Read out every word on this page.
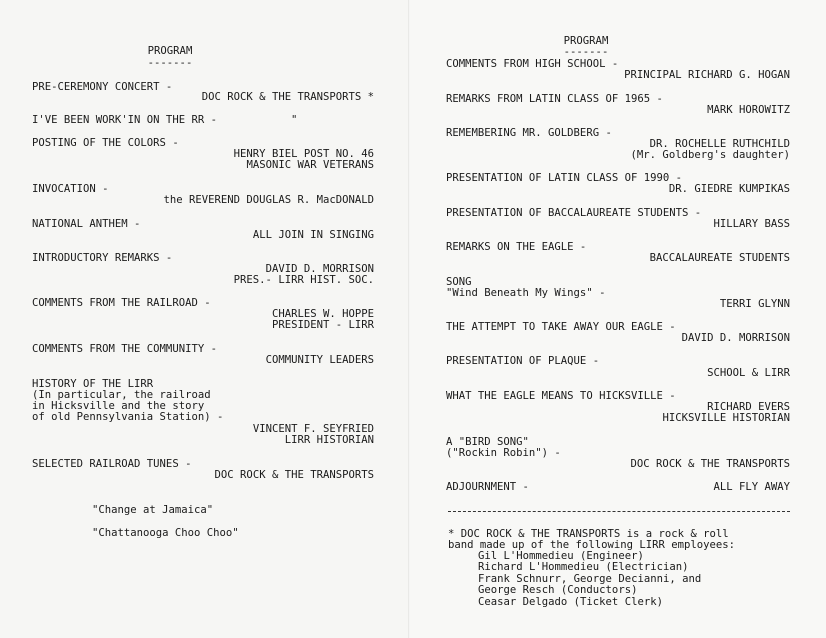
PROGRAM
-------
PRE-CEREMONY CONCERT -
DOC ROCK & THE TRANSPORTS *
I'VE BEEN WORK'IN ON THE RR -	"
POSTING OF THE COLORS -
HENRY BIEL POST NO. 46
MASONIC WAR VETERANS
INVOCATION -
the REVEREND DOUGLAS R. MacDONALD
NATIONAL ANTHEM -
ALL JOIN IN SINGING
INTRODUCTORY REMARKS -
DAVID D. MORRISON
PRES.- LIRR HIST. SOC.
COMMENTS FROM THE RAILROAD -
CHARLES W. HOPPE
PRESIDENT - LIRR
COMMENTS FROM THE COMMUNITY -
COMMUNITY LEADERS
HISTORY OF THE LIRR
(In particular, the railroad
in Hicksville and the story
of old Pennsylvania Station) -
VINCENT F. SEYFRIED
LIRR HISTORIAN
SELECTED RAILROAD TUNES -
DOC ROCK & THE TRANSPORTS
"Change at Jamaica"
"Chattanooga Choo Choo"
PROGRAM
-------
COMMENTS FROM HIGH SCHOOL -
PRINCIPAL RICHARD G. HOGAN
REMARKS FROM LATIN CLASS OF 1965 -
MARK HOROWITZ
REMEMBERING MR. GOLDBERG -
DR. ROCHELLE RUTHCHILD
(Mr. Goldberg's daughter)
PRESENTATION OF LATIN CLASS OF 1990 -
DR. GIEDRE KUMPIKAS
PRESENTATION OF BACCALAUREATE STUDENTS -
HILLARY BASS
REMARKS ON THE EAGLE -
BACCALAUREATE STUDENTS
SONG
"Wind Beneath My Wings" -
TERRI GLYNN
THE ATTEMPT TO TAKE AWAY OUR EAGLE -
DAVID D. MORRISON
PRESENTATION OF PLAQUE -
SCHOOL & LIRR
WHAT THE EAGLE MEANS TO HICKSVILLE -
RICHARD EVERS
HICKSVILLE HISTORIAN
A "BIRD SONG"
("Rockin Robin") -
DOC ROCK & THE TRANSPORTS
ADJOURNMENT -	ALL FLY AWAY
* DOC ROCK & THE TRANSPORTS is a rock & roll
band made up of the following LIRR employees:
Gil L'Hommedieu (Engineer)
Richard L'Hommedieu (Electrician)
Frank Schnurr, George Decianni, and
George Resch (Conductors)
Ceasar Delgado (Ticket Clerk)
